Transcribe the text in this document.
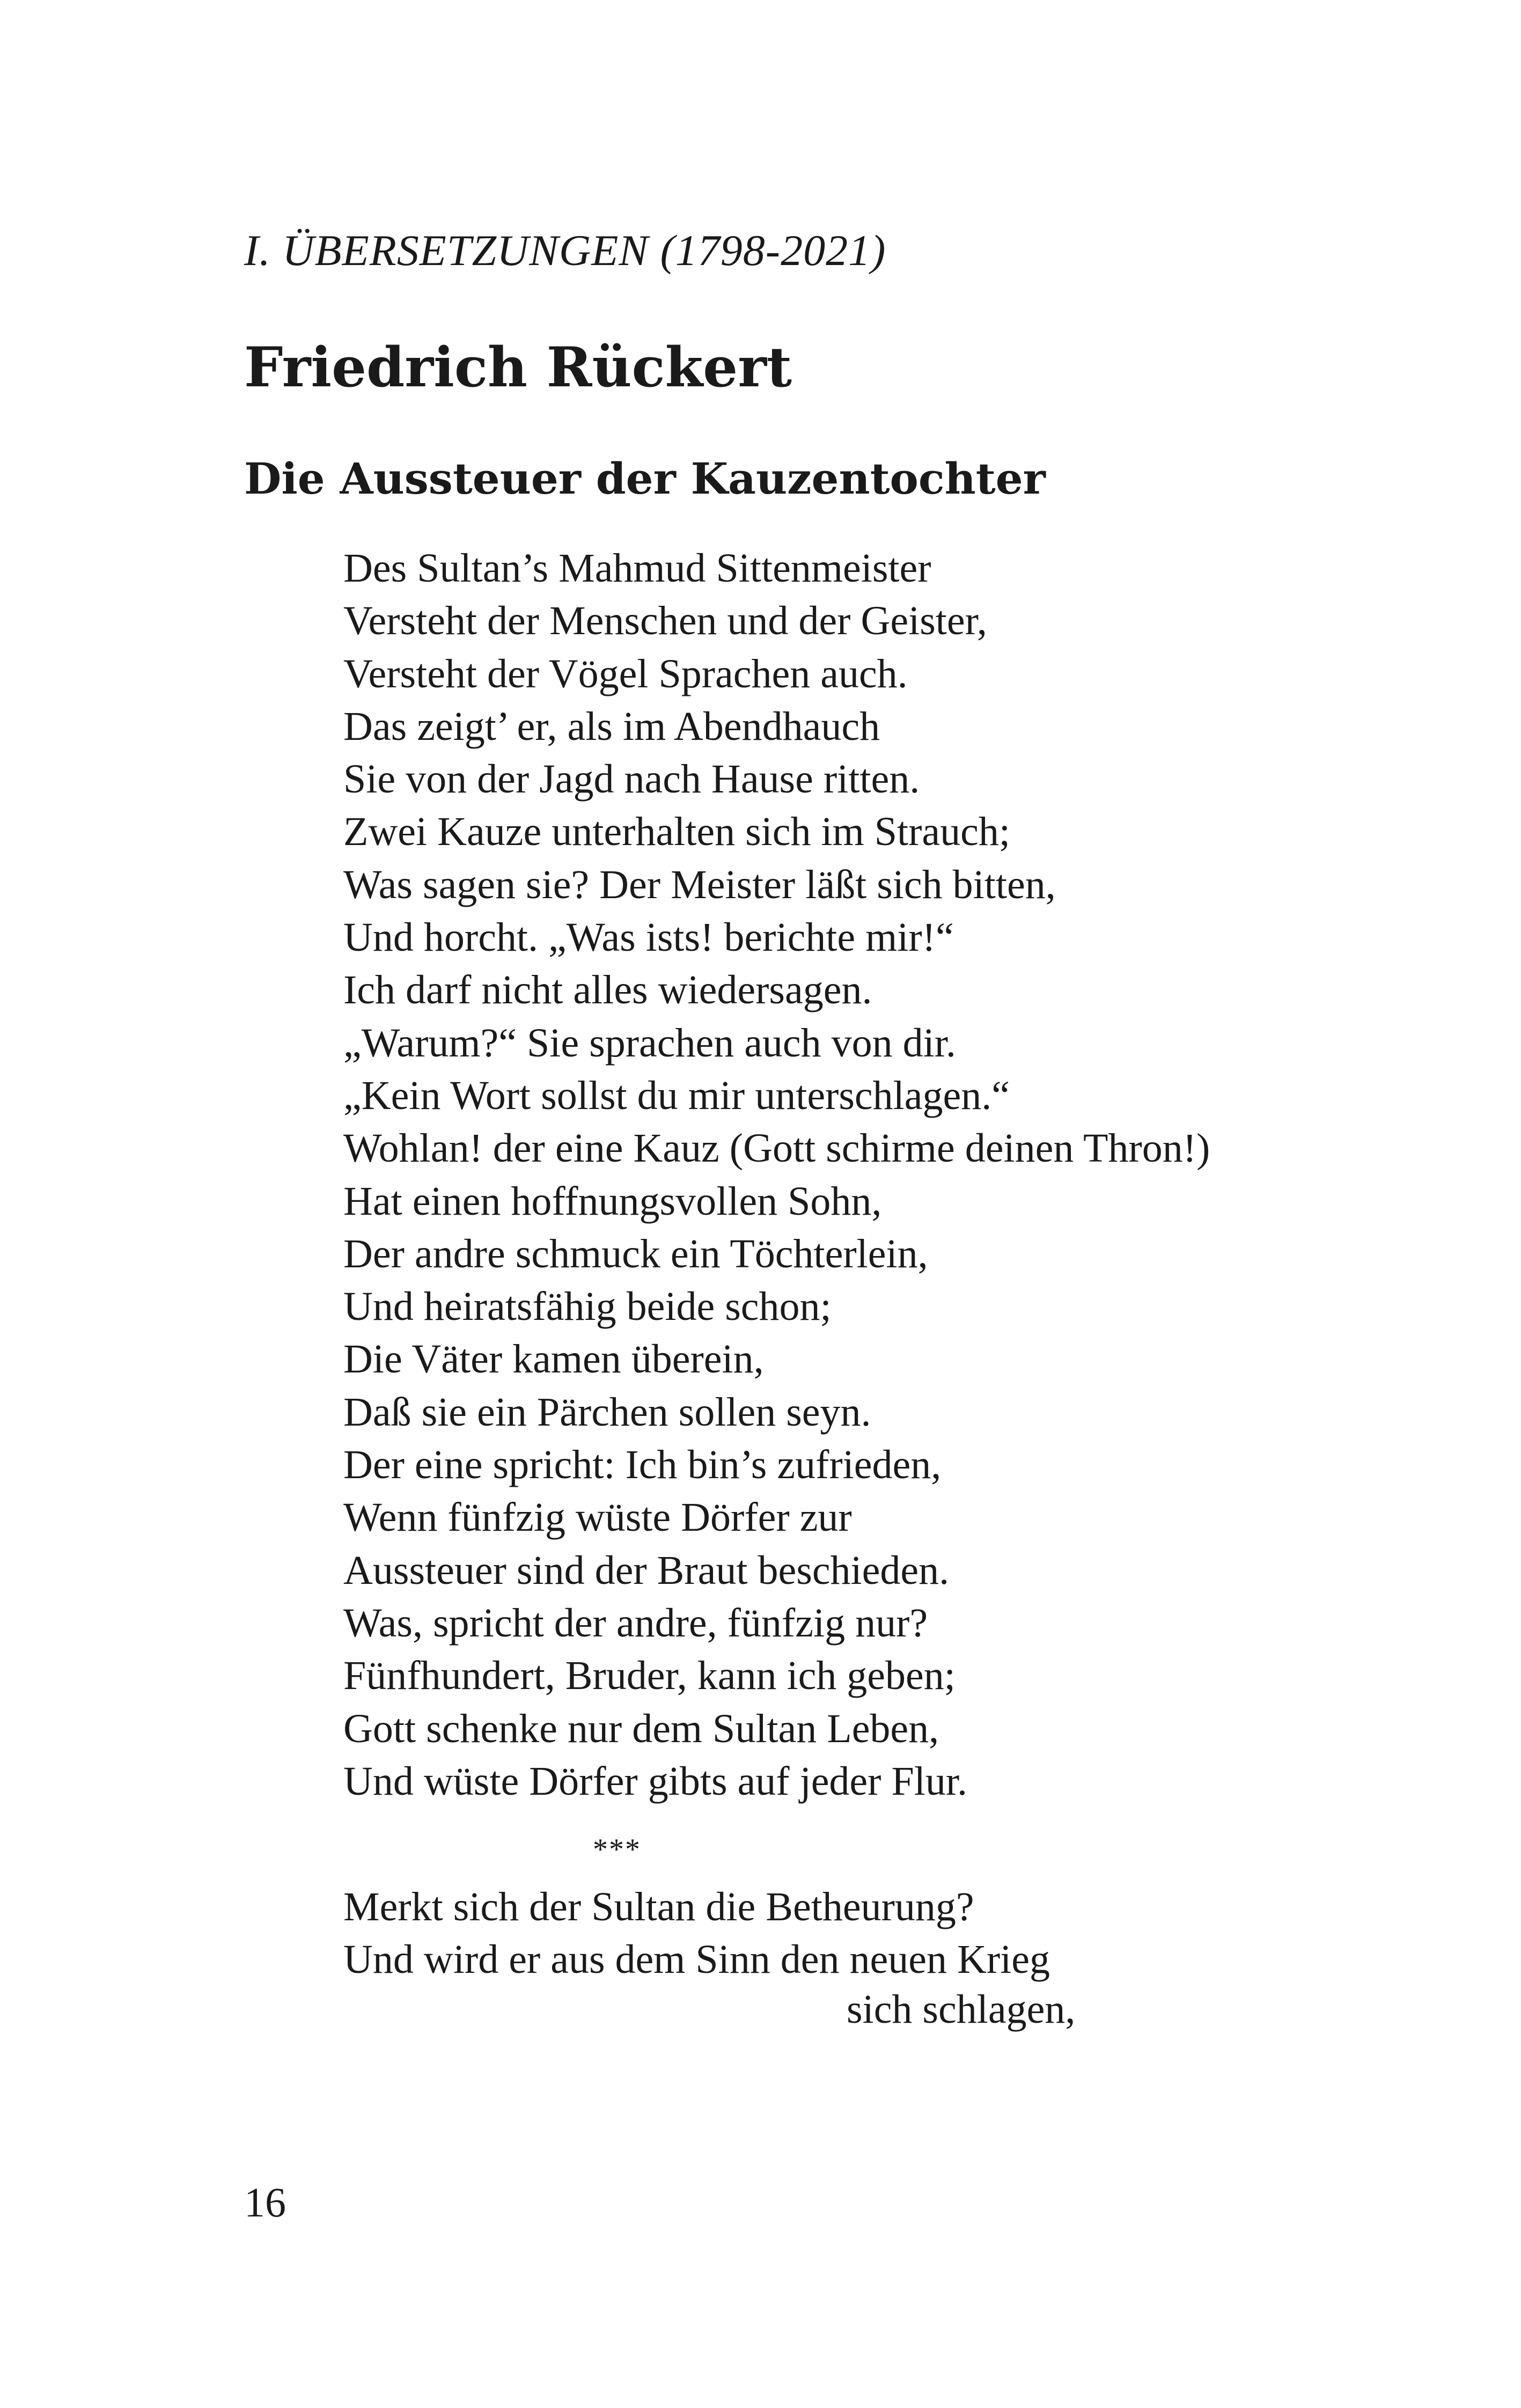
I. ÜBERSETZUNGEN (1798-2021)
Friedrich Rückert
Die Aussteuer der Kauzentochter
Des Sultan’s Mahmud Sittenmeister
Versteht der Menschen und der Geister,
Versteht der Vögel Sprachen auch.
Das zeigt’ er, als im Abendhauch
Sie von der Jagd nach Hause ritten.
Zwei Kauze unterhalten sich im Strauch;
Was sagen sie? Der Meister läßt sich bitten,
Und horcht. „Was ists! berichte mir!“
Ich darf nicht alles wiedersagen.
„Warum?“ Sie sprachen auch von dir.
„Kein Wort sollst du mir unterschlagen.“
Wohlan! der eine Kauz (Gott schirme deinen Thron!)
Hat einen hoffnungsvollen Sohn,
Der andre schmuck ein Töchterlein,
Und heiratsfähig beide schon;
Die Väter kamen überein,
Daß sie ein Pärchen sollen seyn.
Der eine spricht: Ich bin’s zufrieden,
Wenn fünfzig wüste Dörfer zur
Aussteuer sind der Braut beschieden.
Was, spricht der andre, fünfzig nur?
Fünfhundert, Bruder, kann ich geben;
Gott schenke nur dem Sultan Leben,
Und wüste Dörfer gibts auf jeder Flur.
***
Merkt sich der Sultan die Betheurung?
Und wird er aus dem Sinn den neuen Krieg
sich schlagen,
16
